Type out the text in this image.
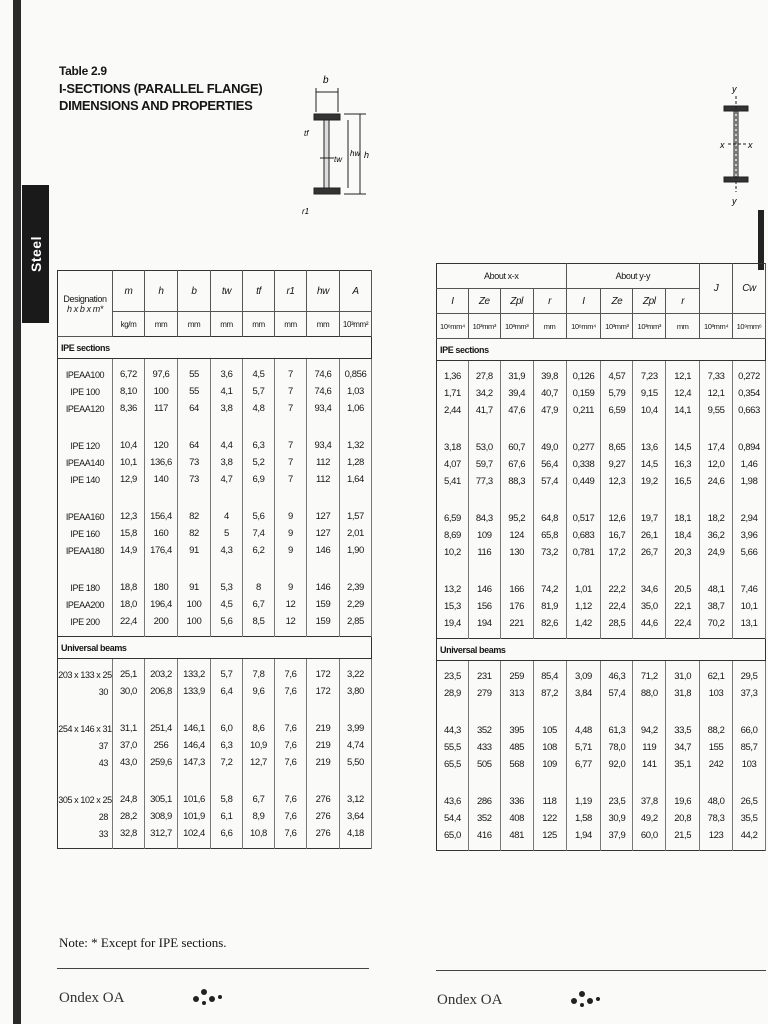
Steel
Table 2.9
I-SECTIONS (PARALLEL FLANGE)
DIMENSIONS AND PROPERTIES
b
tf
tw
hw h
r1
y
x	x
y
Designation
h x b x m*	m	h	b	tw	tf	r1	hw	A
	kg/m	mm	mm	mm	mm	mm	mm	10³mm²
IPE sections								

IPEAA100	6,72	97,6	55	3,6	4,5	7	74,6	0,856
IPE 100	8,10	100	55	4,1	5,7	7	74,6	1,03
IPEAA120	8,36	117	64	3,8	4,8	7	93,4	1,06

IPE 120	10,4	120	64	4,4	6,3	7	93,4	1,32
IPEAA140	10,1	136,6	73	3,8	5,2	7	112	1,28
IPE 140	12,9	140	73	4,7	6,9	7	112	1,64

IPEAA160	12,3	156,4	82	4	5,6	9	127	1,57
IPE 160	15,8	160	82	5	7,4	9	127	2,01
IPEAA180	14,9	176,4	91	4,3	6,2	9	146	1,90

IPE 180	18,8	180	91	5,3	8	9	146	2,39
IPEAA200	18,0	196,4	100	4,5	6,7	12	159	2,29
IPE 200	22,4	200	100	5,6	8,5	12	159	2,85

Universal beams								

203 x 133 x 25	25,1	203,2	133,2	5,7	7,8	7,6	172	3,22
30	30,0	206,8	133,9	6,4	9,6	7,6	172	3,80

254 x 146 x 31	31,1	251,4	146,1	6,0	8,6	7,6	219	3,99
37	37,0	256	146,4	6,3	10,9	7,6	219	4,74
43	43,0	259,6	147,3	7,2	12,7	7,6	219	5,50

305 x 102 x 25	24,8	305,1	101,6	5,8	6,7	7,6	276	3,12
28	28,2	308,9	101,9	6,1	8,9	7,6	276	3,64
33	32,8	312,7	102,4	6,6	10,8	7,6	276	4,18

About x-x				About y-y				J	Cw
I	Ze	Zpl	r	I	Ze	Zpl	r		
10⁶mm⁴	10³mm³	10³mm³	mm	10⁶mm⁴	10³mm³	10³mm³	mm	10³mm⁴	10⁹mm⁶
IPE sections									

1,36	27,8	31,9	39,8	0,126	4,57	7,23	12,1	7,33	0,272
1,71	34,2	39,4	40,7	0,159	5,79	9,15	12,4	12,1	0,354
2,44	41,7	47,6	47,9	0,211	6,59	10,4	14,1	9,55	0,663

3,18	53,0	60,7	49,0	0,277	8,65	13,6	14,5	17,4	0,894
4,07	59,7	67,6	56,4	0,338	9,27	14,5	16,3	12,0	1,46
5,41	77,3	88,3	57,4	0,449	12,3	19,2	16,5	24,6	1,98

6,59	84,3	95,2	64,8	0,517	12,6	19,7	18,1	18,2	2,94
8,69	109	124	65,8	0,683	16,7	26,1	18,4	36,2	3,96
10,2	116	130	73,2	0,781	17,2	26,7	20,3	24,9	5,66

13,2	146	166	74,2	1,01	22,2	34,6	20,5	48,1	7,46
15,3	156	176	81,9	1,12	22,4	35,0	22,1	38,7	10,1
19,4	194	221	82,6	1,42	28,5	44,6	22,4	70,2	13,1

Universal beams									

23,5	231	259	85,4	3,09	46,3	71,2	31,0	62,1	29,5
28,9	279	313	87,2	3,84	57,4	88,0	31,8	103	37,3

44,3	352	395	105	4,48	61,3	94,2	33,5	88,2	66,0
55,5	433	485	108	5,71	78,0	119	34,7	155	85,7
65,5	505	568	109	6,77	92,0	141	35,1	242	103

43,6	286	336	118	1,19	23,5	37,8	19,6	48,0	26,5
54,4	352	408	122	1,58	30,9	49,2	20,8	78,3	35,5
65,0	416	481	125	1,94	37,9	60,0	21,5	123	44,2

Note: * Except for IPE sections.
Ondex OA	Ondex OA
